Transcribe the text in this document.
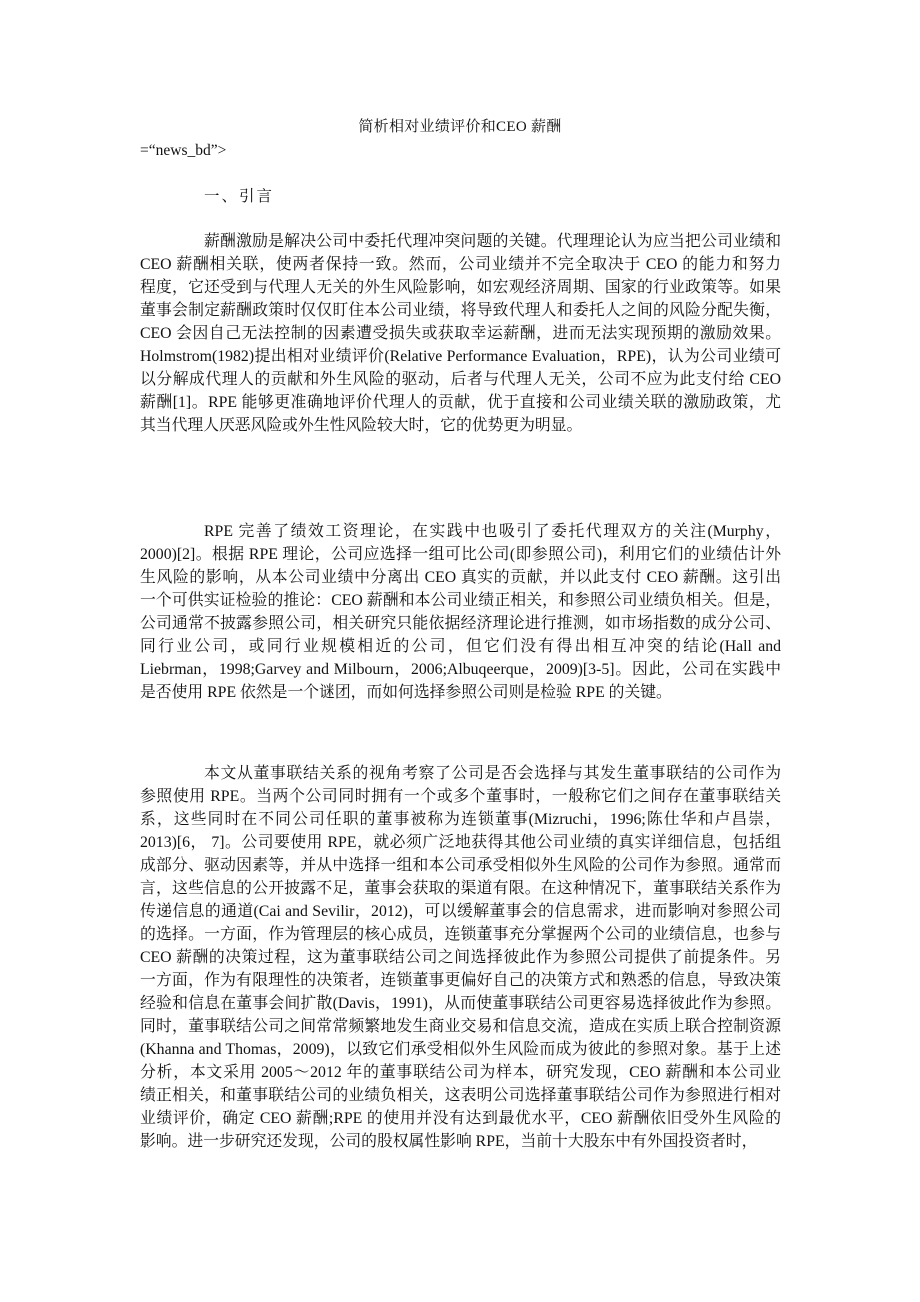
简析相对业绩评价和CEO 薪酬
=“news_bd”>
一、引言
薪酬激励是解决公司中委托代理冲突问题的关键。代理理论认为应当把公司业绩和
CEO 薪酬相关联，使两者保持一致。然而，公司业绩并不完全取决于 CEO 的能力和努力
程度，它还受到与代理人无关的外生风险影响，如宏观经济周期、国家的行业政策等。如果
董事会制定薪酬政策时仅仅盯住本公司业绩，将导致代理人和委托人之间的风险分配失衡，
CEO 会因自己无法控制的因素遭受损失或获取幸运薪酬，进而无法实现预期的激励效果。
Holmstrom(1982)提出相对业绩评价(Relative Performance Evaluation，RPE)，认为公司业绩可
以分解成代理人的贡献和外生风险的驱动，后者与代理人无关，公司不应为此支付给 CEO
薪酬[1]。RPE 能够更准确地评价代理人的贡献，优于直接和公司业绩关联的激励政策，尤
其当代理人厌恶风险或外生性风险较大时，它的优势更为明显。
RPE 完善了绩效工资理论，在实践中也吸引了委托代理双方的关注(Murphy，
2000)[2]。根据 RPE 理论，公司应选择一组可比公司(即参照公司)，利用它们的业绩估计外
生风险的影响，从本公司业绩中分离出 CEO 真实的贡献，并以此支付 CEO 薪酬。这引出
一个可供实证检验的推论：CEO 薪酬和本公司业绩正相关，和参照公司业绩负相关。但是，
公司通常不披露参照公司，相关研究只能依据经济理论进行推测，如市场指数的成分公司、
同行业公司，或同行业规模相近的公司，但它们没有得出相互冲突的结论(Hall and
Liebrman，1998;Garvey and Milbourn，2006;Albuqeerque，2009)[3-5]。因此，公司在实践中
是否使用 RPE 依然是一个谜团，而如何选择参照公司则是检验 RPE 的关键。
本文从董事联结关系的视角考察了公司是否会选择与其发生董事联结的公司作为
参照使用 RPE。当两个公司同时拥有一个或多个董事时，一般称它们之间存在董事联结关
系，这些同时在不同公司任职的董事被称为连锁董事(Mizruchi，1996;陈仕华和卢昌崇，
2013)[6， 7]。公司要使用 RPE，就必须广泛地获得其他公司业绩的真实详细信息，包括组
成部分、驱动因素等，并从中选择一组和本公司承受相似外生风险的公司作为参照。通常而
言，这些信息的公开披露不足，董事会获取的渠道有限。在这种情况下，董事联结关系作为
传递信息的通道(Cai and Sevilir，2012)，可以缓解董事会的信息需求，进而影响对参照公司
的选择。一方面，作为管理层的核心成员，连锁董事充分掌握两个公司的业绩信息，也参与
CEO 薪酬的决策过程，这为董事联结公司之间选择彼此作为参照公司提供了前提条件。另
一方面，作为有限理性的决策者，连锁董事更偏好自己的决策方式和熟悉的信息，导致决策
经验和信息在董事会间扩散(Davis，1991)，从而使董事联结公司更容易选择彼此作为参照。
同时，董事联结公司之间常常频繁地发生商业交易和信息交流，造成在实质上联合控制资源
(Khanna and Thomas，2009)，以致它们承受相似外生风险而成为彼此的参照对象。基于上述
分析，本文采用 2005～2012 年的董事联结公司为样本，研究发现，CEO 薪酬和本公司业
绩正相关，和董事联结公司的业绩负相关，这表明公司选择董事联结公司作为参照进行相对
业绩评价，确定 CEO 薪酬;RPE 的使用并没有达到最优水平，CEO 薪酬依旧受外生风险的
影响。进一步研究还发现，公司的股权属性影响 RPE，当前十大股东中有外国投资者时，
